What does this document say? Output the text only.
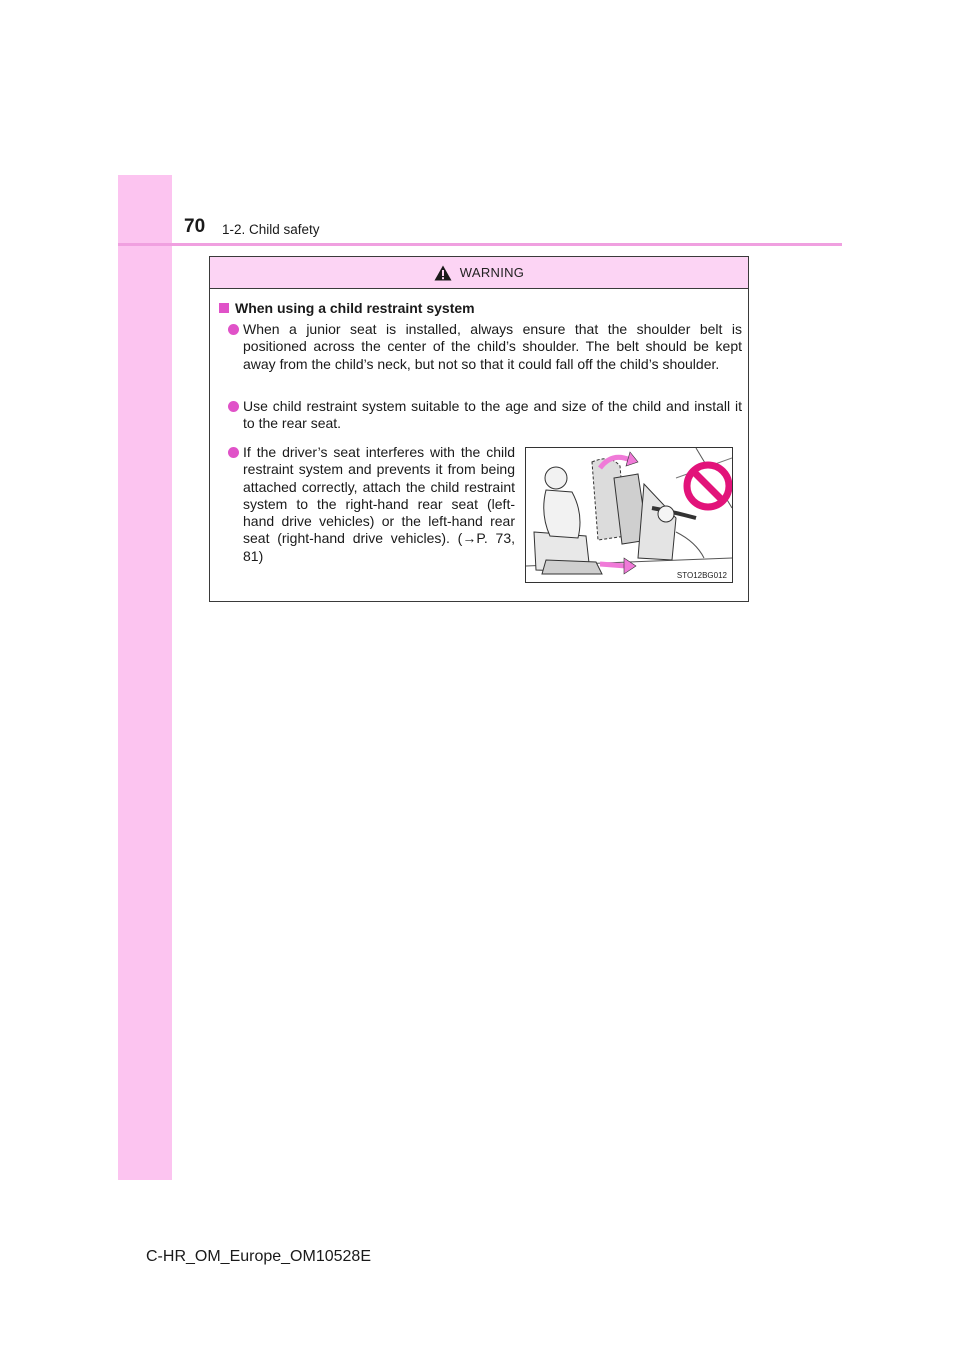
70 1-2. Child safety
WARNING
When using a child restraint system
When a junior seat is installed, always ensure that the shoulder belt is positioned across the center of the child’s shoulder. The belt should be kept away from the child’s neck, but not so that it could fall off the child’s shoulder.
Use child restraint system suitable to the age and size of the child and install it to the rear seat.
If the driver’s seat interferes with the child restraint system and prevents it from being attached correctly, attach the child restraint system to the right-hand rear seat (left-hand drive vehicles) or the left-hand rear seat (right-hand drive vehicles). (→P. 73, 81)
STO12BG012
C-HR_OM_Europe_OM10528E
